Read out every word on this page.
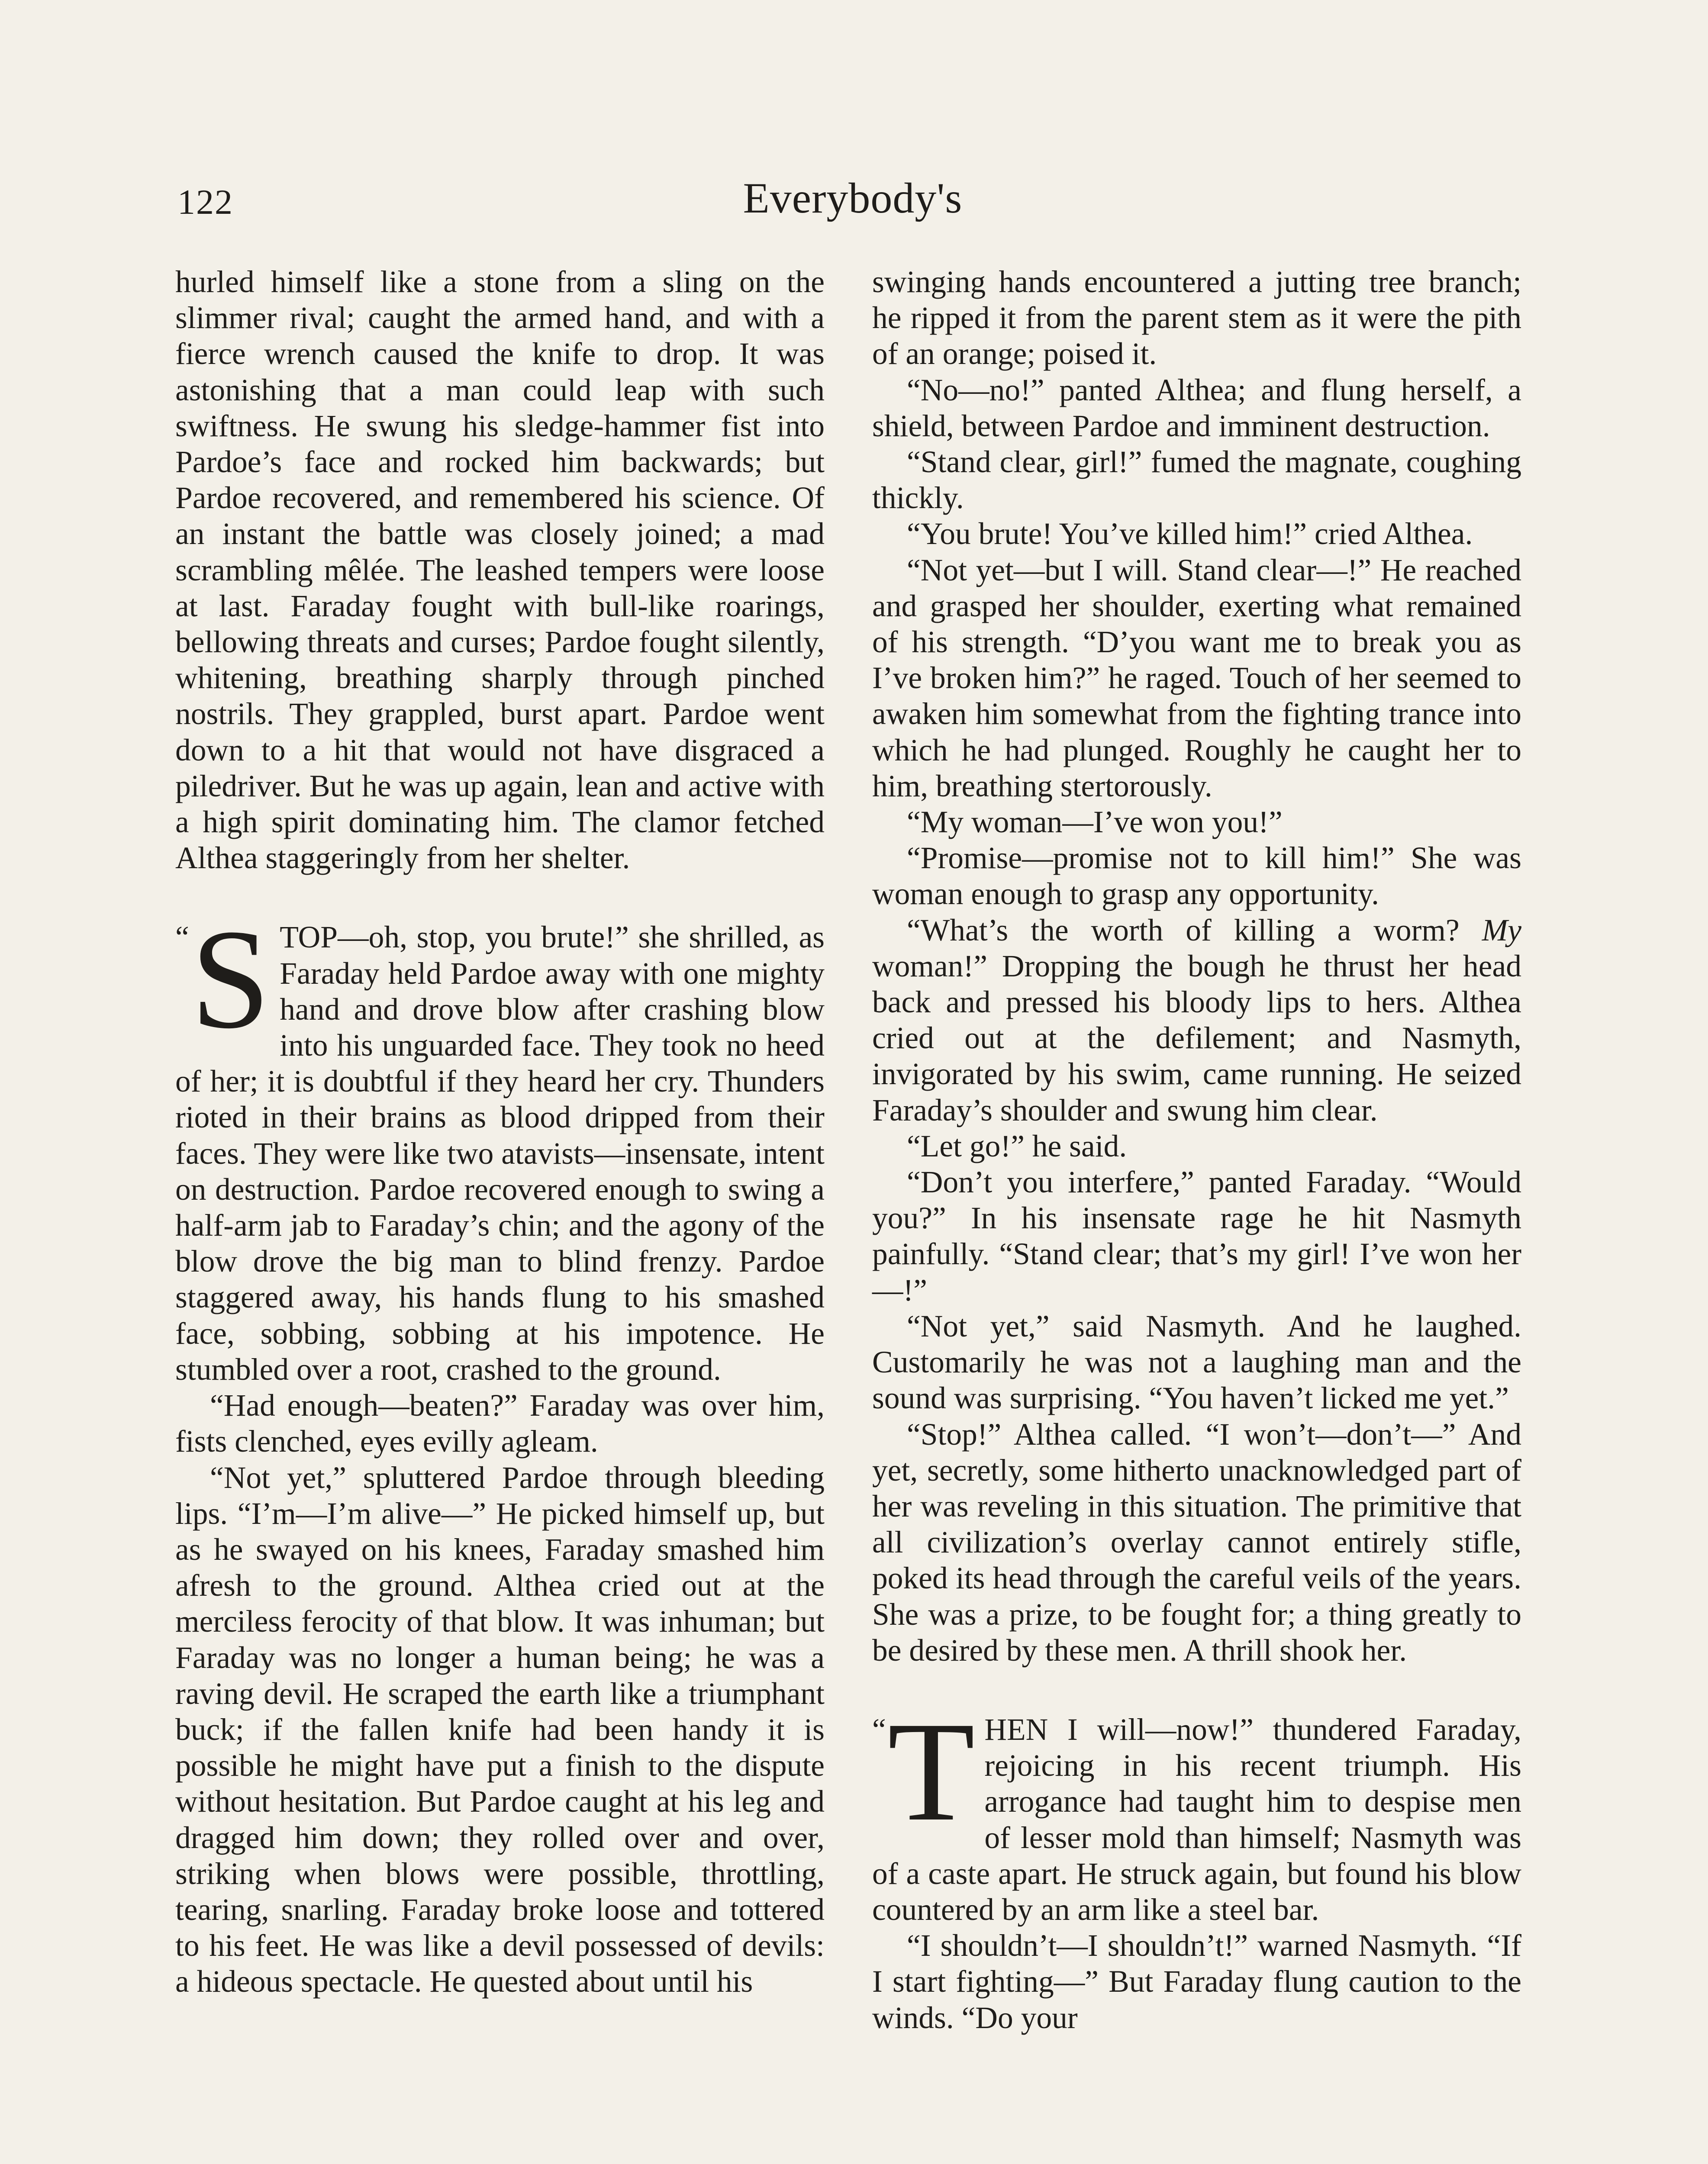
122	Everybody's

hurled himself like a stone from a sling on the slimmer rival; caught the armed hand, and with a fierce wrench caused the knife to drop. It was astonishing that a man could leap with such swiftness. He swung his sledge-hammer fist into Pardoe’s face and rocked him backwards; but Pardoe recovered, and remembered his science. Of an instant the battle was closely joined; a mad scrambling mêlée. The leashed tempers were loose at last. Faraday fought with bull-like roarings, bellowing threats and curses; Pardoe fought silently, whitening, breathing sharply through pinched nostrils. They grappled, burst apart. Pardoe went down to a hit that would not have disgraced a piledriver. But he was up again, lean and active with a high spirit dominating him. The clamor fetched Althea staggeringly from her shelter.

“ S TOP—oh, stop, you brute!” she shrilled, as Faraday held Pardoe away with one mighty hand and drove blow after crashing blow into his unguarded face. They took no heed of her; it is doubtful if they heard her cry. Thunders rioted in their brains as blood dripped from their faces. They were like two atavists—insensate, intent on destruction. Pardoe recovered enough to swing a half-arm jab to Faraday’s chin; and the agony of the blow drove the big man to blind frenzy. Pardoe staggered away, his hands flung to his smashed face, sobbing, sobbing at his impotence. He stumbled over a root, crashed to the ground.

“Had enough—beaten?” Faraday was over him, fists clenched, eyes evilly agleam.

“Not yet,” spluttered Pardoe through bleeding lips. “I’m—I’m alive—” He picked himself up, but as he swayed on his knees, Faraday smashed him afresh to the ground. Althea cried out at the merciless ferocity of that blow. It was inhuman; but Faraday was no longer a human being; he was a raving devil. He scraped the earth like a triumphant buck; if the fallen knife had been handy it is possible he might have put a finish to the dispute without hesitation. But Pardoe caught at his leg and dragged him down; they rolled over and over, striking when blows were possible, throttling, tearing, snarling. Faraday broke loose and tottered to his feet. He was like a devil possessed of devils: a hideous spectacle. He quested about until his

swinging hands encountered a jutting tree branch; he ripped it from the parent stem as it were the pith of an orange; poised it.

“No—no!” panted Althea; and flung herself, a shield, between Pardoe and imminent destruction.

“Stand clear, girl!” fumed the magnate, coughing thickly.

“You brute! You’ve killed him!” cried Althea.

“Not yet—but I will. Stand clear—!” He reached and grasped her shoulder, exerting what remained of his strength. “D’you want me to break you as I’ve broken him?” he raged. Touch of her seemed to awaken him somewhat from the fighting trance into which he had plunged. Roughly he caught her to him, breathing stertorously.

“My woman—I’ve won you!”

“Promise—promise not to kill him!” She was woman enough to grasp any opportunity.

“What’s the worth of killing a worm? My woman!” Dropping the bough he thrust her head back and pressed his bloody lips to hers. Althea cried out at the defilement; and Nasmyth, invigorated by his swim, came running. He seized Faraday’s shoulder and swung him clear.

“Let go!” he said.

“Don’t you interfere,” panted Faraday. “Would you?” In his insensate rage he hit Nasmyth painfully. “Stand clear; that’s my girl! I’ve won her—!”

“Not yet,” said Nasmyth. And he laughed. Customarily he was not a laughing man and the sound was surprising. “You haven’t licked me yet.”

“Stop!” Althea called. “I won’t—don’t—” And yet, secretly, some hitherto unacknowledged part of her was reveling in this situation. The primitive that all civilization’s overlay cannot entirely stifle, poked its head through the careful veils of the years. She was a prize, to be fought for; a thing greatly to be desired by these men. A thrill shook her.

“ T HEN I will—now!” thundered Faraday, rejoicing in his recent triumph. His arrogance had taught him to despise men of lesser mold than himself; Nasmyth was of a caste apart. He struck again, but found his blow countered by an arm like a steel bar.

“I shouldn’t—I shouldn’t!” warned Nasmyth. “If I start fighting—” But Faraday flung caution to the winds. “Do your
